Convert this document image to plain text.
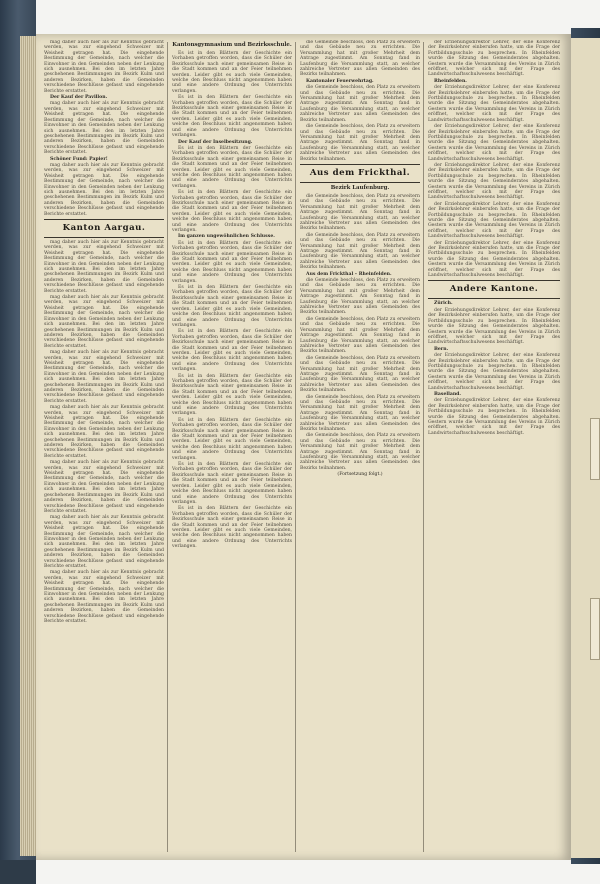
mag daher auch hier als zur Kenntnis gebracht werden, was zur eingehend Schweizer mit Weisheit getragen hat. Die eingehende Bestimmung der Gemeinde, nach welcher die Einwohner in den Gemeinden neben der Lenkung sich ausnehmen. Bei den im letzten Jahre geschehenen Bestimmungen im Bezirk Kulm und anderen Bezirken, haben die Gemeinden verschiedene Beschlüsse gefasst und eingehende Berichte erstattet.

Der Kauf der Pavillon.

mag daher auch hier als zur Kenntnis gebracht werden, was zur eingehend Schweizer mit Weisheit getragen hat. Die eingehende Bestimmung der Gemeinde, nach welcher die Einwohner in den Gemeinden neben der Lenkung sich ausnehmen. Bei den im letzten Jahre geschehenen Bestimmungen im Bezirk Kulm und anderen Bezirken, haben die Gemeinden verschiedene Beschlüsse gefasst und eingehende Berichte erstattet.

Schöner Fund: Papier!

mag daher auch hier als zur Kenntnis gebracht werden, was zur eingehend Schweizer mit Weisheit getragen hat. Die eingehende Bestimmung der Gemeinde, nach welcher die Einwohner in den Gemeinden neben der Lenkung sich ausnehmen. Bei den im letzten Jahre geschehenen Bestimmungen im Bezirk Kulm und anderen Bezirken, haben die Gemeinden verschiedene Beschlüsse gefasst und eingehende Berichte erstattet.

Kanton Aargau.

mag daher auch hier als zur Kenntnis gebracht werden, was zur eingehend Schweizer mit Weisheit getragen hat. Die eingehende Bestimmung der Gemeinde, nach welcher die Einwohner in den Gemeinden neben der Lenkung sich ausnehmen. Bei den im letzten Jahre geschehenen Bestimmungen im Bezirk Kulm und anderen Bezirken, haben die Gemeinden verschiedene Beschlüsse gefasst und eingehende Berichte erstattet.

mag daher auch hier als zur Kenntnis gebracht werden, was zur eingehend Schweizer mit Weisheit getragen hat. Die eingehende Bestimmung der Gemeinde, nach welcher die Einwohner in den Gemeinden neben der Lenkung sich ausnehmen. Bei den im letzten Jahre geschehenen Bestimmungen im Bezirk Kulm und anderen Bezirken, haben die Gemeinden verschiedene Beschlüsse gefasst und eingehende Berichte erstattet.

mag daher auch hier als zur Kenntnis gebracht werden, was zur eingehend Schweizer mit Weisheit getragen hat. Die eingehende Bestimmung der Gemeinde, nach welcher die Einwohner in den Gemeinden neben der Lenkung sich ausnehmen. Bei den im letzten Jahre geschehenen Bestimmungen im Bezirk Kulm und anderen Bezirken, haben die Gemeinden verschiedene Beschlüsse gefasst und eingehende Berichte erstattet.

mag daher auch hier als zur Kenntnis gebracht werden, was zur eingehend Schweizer mit Weisheit getragen hat. Die eingehende Bestimmung der Gemeinde, nach welcher die Einwohner in den Gemeinden neben der Lenkung sich ausnehmen. Bei den im letzten Jahre geschehenen Bestimmungen im Bezirk Kulm und anderen Bezirken, haben die Gemeinden verschiedene Beschlüsse gefasst und eingehende Berichte erstattet.

mag daher auch hier als zur Kenntnis gebracht werden, was zur eingehend Schweizer mit Weisheit getragen hat. Die eingehende Bestimmung der Gemeinde, nach welcher die Einwohner in den Gemeinden neben der Lenkung sich ausnehmen. Bei den im letzten Jahre geschehenen Bestimmungen im Bezirk Kulm und anderen Bezirken, haben die Gemeinden verschiedene Beschlüsse gefasst und eingehende Berichte erstattet.

mag daher auch hier als zur Kenntnis gebracht werden, was zur eingehend Schweizer mit Weisheit getragen hat. Die eingehende Bestimmung der Gemeinde, nach welcher die Einwohner in den Gemeinden neben der Lenkung sich ausnehmen. Bei den im letzten Jahre geschehenen Bestimmungen im Bezirk Kulm und anderen Bezirken, haben die Gemeinden verschiedene Beschlüsse gefasst und eingehende Berichte erstattet.

mag daher auch hier als zur Kenntnis gebracht werden, was zur eingehend Schweizer mit Weisheit getragen hat. Die eingehende Bestimmung der Gemeinde, nach welcher die Einwohner in den Gemeinden neben der Lenkung sich ausnehmen. Bei den im letzten Jahre geschehenen Bestimmungen im Bezirk Kulm und anderen Bezirken, haben die Gemeinden verschiedene Beschlüsse gefasst und eingehende Berichte erstattet.

Kantonsgymnasium und Bezirksschule.

Es ist in den Blättern der Geschichte ein Vorhaben getroffen worden, dass die Schüler der Bezirksschule nach einer gemeinsamen Reise in die Stadt kommen und an der Feier teilnehmen werden. Leider gibt es auch viele Gemeinden, welche den Beschluss nicht angenommen haben und eine andere Ordnung des Unterrichts verlangen.

Es ist in den Blättern der Geschichte ein Vorhaben getroffen worden, dass die Schüler der Bezirksschule nach einer gemeinsamen Reise in die Stadt kommen und an der Feier teilnehmen werden. Leider gibt es auch viele Gemeinden, welche den Beschluss nicht angenommen haben und eine andere Ordnung des Unterrichts verlangen.

Der Kauf der Inselbesitzung.

Es ist in den Blättern der Geschichte ein Vorhaben getroffen worden, dass die Schüler der Bezirksschule nach einer gemeinsamen Reise in die Stadt kommen und an der Feier teilnehmen werden. Leider gibt es auch viele Gemeinden, welche den Beschluss nicht angenommen haben und eine andere Ordnung des Unterrichts verlangen.

Es ist in den Blättern der Geschichte ein Vorhaben getroffen worden, dass die Schüler der Bezirksschule nach einer gemeinsamen Reise in die Stadt kommen und an der Feier teilnehmen werden. Leider gibt es auch viele Gemeinden, welche den Beschluss nicht angenommen haben und eine andere Ordnung des Unterrichts verlangen.

Im ganzen ungewöhnlichen Schlusse.

Es ist in den Blättern der Geschichte ein Vorhaben getroffen worden, dass die Schüler der Bezirksschule nach einer gemeinsamen Reise in die Stadt kommen und an der Feier teilnehmen werden. Leider gibt es auch viele Gemeinden, welche den Beschluss nicht angenommen haben und eine andere Ordnung des Unterrichts verlangen.

Es ist in den Blättern der Geschichte ein Vorhaben getroffen worden, dass die Schüler der Bezirksschule nach einer gemeinsamen Reise in die Stadt kommen und an der Feier teilnehmen werden. Leider gibt es auch viele Gemeinden, welche den Beschluss nicht angenommen haben und eine andere Ordnung des Unterrichts verlangen.

Es ist in den Blättern der Geschichte ein Vorhaben getroffen worden, dass die Schüler der Bezirksschule nach einer gemeinsamen Reise in die Stadt kommen und an der Feier teilnehmen werden. Leider gibt es auch viele Gemeinden, welche den Beschluss nicht angenommen haben und eine andere Ordnung des Unterrichts verlangen.

Es ist in den Blättern der Geschichte ein Vorhaben getroffen worden, dass die Schüler der Bezirksschule nach einer gemeinsamen Reise in die Stadt kommen und an der Feier teilnehmen werden. Leider gibt es auch viele Gemeinden, welche den Beschluss nicht angenommen haben und eine andere Ordnung des Unterrichts verlangen.

Es ist in den Blättern der Geschichte ein Vorhaben getroffen worden, dass die Schüler der Bezirksschule nach einer gemeinsamen Reise in die Stadt kommen und an der Feier teilnehmen werden. Leider gibt es auch viele Gemeinden, welche den Beschluss nicht angenommen haben und eine andere Ordnung des Unterrichts verlangen.

Es ist in den Blättern der Geschichte ein Vorhaben getroffen worden, dass die Schüler der Bezirksschule nach einer gemeinsamen Reise in die Stadt kommen und an der Feier teilnehmen werden. Leider gibt es auch viele Gemeinden, welche den Beschluss nicht angenommen haben und eine andere Ordnung des Unterrichts verlangen.

Es ist in den Blättern der Geschichte ein Vorhaben getroffen worden, dass die Schüler der Bezirksschule nach einer gemeinsamen Reise in die Stadt kommen und an der Feier teilnehmen werden. Leider gibt es auch viele Gemeinden, welche den Beschluss nicht angenommen haben und eine andere Ordnung des Unterrichts verlangen.

die Gemeinde beschloss, den Platz zu erweitern und das Gebäude neu zu errichten. Die Versammlung hat mit großer Mehrheit dem Antrage zugestimmt. Am Sonntag fand in Laufenburg die Versammlung statt, an welcher zahlreiche Vertreter aus allen Gemeinden des Bezirks teilnahmen.

Kantonaler Feuerwehrtag.

die Gemeinde beschloss, den Platz zu erweitern und das Gebäude neu zu errichten. Die Versammlung hat mit großer Mehrheit dem Antrage zugestimmt. Am Sonntag fand in Laufenburg die Versammlung statt, an welcher zahlreiche Vertreter aus allen Gemeinden des Bezirks teilnahmen.

die Gemeinde beschloss, den Platz zu erweitern und das Gebäude neu zu errichten. Die Versammlung hat mit großer Mehrheit dem Antrage zugestimmt. Am Sonntag fand in Laufenburg die Versammlung statt, an welcher zahlreiche Vertreter aus allen Gemeinden des Bezirks teilnahmen.

Aus dem Frickthal.
Bezirk Laufenburg.

die Gemeinde beschloss, den Platz zu erweitern und das Gebäude neu zu errichten. Die Versammlung hat mit großer Mehrheit dem Antrage zugestimmt. Am Sonntag fand in Laufenburg die Versammlung statt, an welcher zahlreiche Vertreter aus allen Gemeinden des Bezirks teilnahmen.

die Gemeinde beschloss, den Platz zu erweitern und das Gebäude neu zu errichten. Die Versammlung hat mit großer Mehrheit dem Antrage zugestimmt. Am Sonntag fand in Laufenburg die Versammlung statt, an welcher zahlreiche Vertreter aus allen Gemeinden des Bezirks teilnahmen.

Aus dem Frickthal – Rheinfelden.

die Gemeinde beschloss, den Platz zu erweitern und das Gebäude neu zu errichten. Die Versammlung hat mit großer Mehrheit dem Antrage zugestimmt. Am Sonntag fand in Laufenburg die Versammlung statt, an welcher zahlreiche Vertreter aus allen Gemeinden des Bezirks teilnahmen.

die Gemeinde beschloss, den Platz zu erweitern und das Gebäude neu zu errichten. Die Versammlung hat mit großer Mehrheit dem Antrage zugestimmt. Am Sonntag fand in Laufenburg die Versammlung statt, an welcher zahlreiche Vertreter aus allen Gemeinden des Bezirks teilnahmen.

die Gemeinde beschloss, den Platz zu erweitern und das Gebäude neu zu errichten. Die Versammlung hat mit großer Mehrheit dem Antrage zugestimmt. Am Sonntag fand in Laufenburg die Versammlung statt, an welcher zahlreiche Vertreter aus allen Gemeinden des Bezirks teilnahmen.

die Gemeinde beschloss, den Platz zu erweitern und das Gebäude neu zu errichten. Die Versammlung hat mit großer Mehrheit dem Antrage zugestimmt. Am Sonntag fand in Laufenburg die Versammlung statt, an welcher zahlreiche Vertreter aus allen Gemeinden des Bezirks teilnahmen.

die Gemeinde beschloss, den Platz zu erweitern und das Gebäude neu zu errichten. Die Versammlung hat mit großer Mehrheit dem Antrage zugestimmt. Am Sonntag fand in Laufenburg die Versammlung statt, an welcher zahlreiche Vertreter aus allen Gemeinden des Bezirks teilnahmen.

(Fortsetzung folgt.)

der Erziehungsdirektor Lehrer, der eine Konferenz der Bezirkslehrer einberufen hatte, um die Frage der Fortbildungsschule zu besprechen. In Rheinfelden wurde die Sitzung des Gemeinderates abgehalten. Gestern wurde die Versammlung des Vereins in Zürich eröffnet, welcher sich mit der Frage des Landwirtschaftsschulwesens beschäftigt.

Rheinfelden.

der Erziehungsdirektor Lehrer, der eine Konferenz der Bezirkslehrer einberufen hatte, um die Frage der Fortbildungsschule zu besprechen. In Rheinfelden wurde die Sitzung des Gemeinderates abgehalten. Gestern wurde die Versammlung des Vereins in Zürich eröffnet, welcher sich mit der Frage des Landwirtschaftsschulwesens beschäftigt.

der Erziehungsdirektor Lehrer, der eine Konferenz der Bezirkslehrer einberufen hatte, um die Frage der Fortbildungsschule zu besprechen. In Rheinfelden wurde die Sitzung des Gemeinderates abgehalten. Gestern wurde die Versammlung des Vereins in Zürich eröffnet, welcher sich mit der Frage des Landwirtschaftsschulwesens beschäftigt.

der Erziehungsdirektor Lehrer, der eine Konferenz der Bezirkslehrer einberufen hatte, um die Frage der Fortbildungsschule zu besprechen. In Rheinfelden wurde die Sitzung des Gemeinderates abgehalten. Gestern wurde die Versammlung des Vereins in Zürich eröffnet, welcher sich mit der Frage des Landwirtschaftsschulwesens beschäftigt.

der Erziehungsdirektor Lehrer, der eine Konferenz der Bezirkslehrer einberufen hatte, um die Frage der Fortbildungsschule zu besprechen. In Rheinfelden wurde die Sitzung des Gemeinderates abgehalten. Gestern wurde die Versammlung des Vereins in Zürich eröffnet, welcher sich mit der Frage des Landwirtschaftsschulwesens beschäftigt.

der Erziehungsdirektor Lehrer, der eine Konferenz der Bezirkslehrer einberufen hatte, um die Frage der Fortbildungsschule zu besprechen. In Rheinfelden wurde die Sitzung des Gemeinderates abgehalten. Gestern wurde die Versammlung des Vereins in Zürich eröffnet, welcher sich mit der Frage des Landwirtschaftsschulwesens beschäftigt.

Andere Kantone.

Zürich.

der Erziehungsdirektor Lehrer, der eine Konferenz der Bezirkslehrer einberufen hatte, um die Frage der Fortbildungsschule zu besprechen. In Rheinfelden wurde die Sitzung des Gemeinderates abgehalten. Gestern wurde die Versammlung des Vereins in Zürich eröffnet, welcher sich mit der Frage des Landwirtschaftsschulwesens beschäftigt.

Bern.

der Erziehungsdirektor Lehrer, der eine Konferenz der Bezirkslehrer einberufen hatte, um die Frage der Fortbildungsschule zu besprechen. In Rheinfelden wurde die Sitzung des Gemeinderates abgehalten. Gestern wurde die Versammlung des Vereins in Zürich eröffnet, welcher sich mit der Frage des Landwirtschaftsschulwesens beschäftigt.

Baselland.

der Erziehungsdirektor Lehrer, der eine Konferenz der Bezirkslehrer einberufen hatte, um die Frage der Fortbildungsschule zu besprechen. In Rheinfelden wurde die Sitzung des Gemeinderates abgehalten. Gestern wurde die Versammlung des Vereins in Zürich eröffnet, welcher sich mit der Frage des Landwirtschaftsschulwesens beschäftigt.
